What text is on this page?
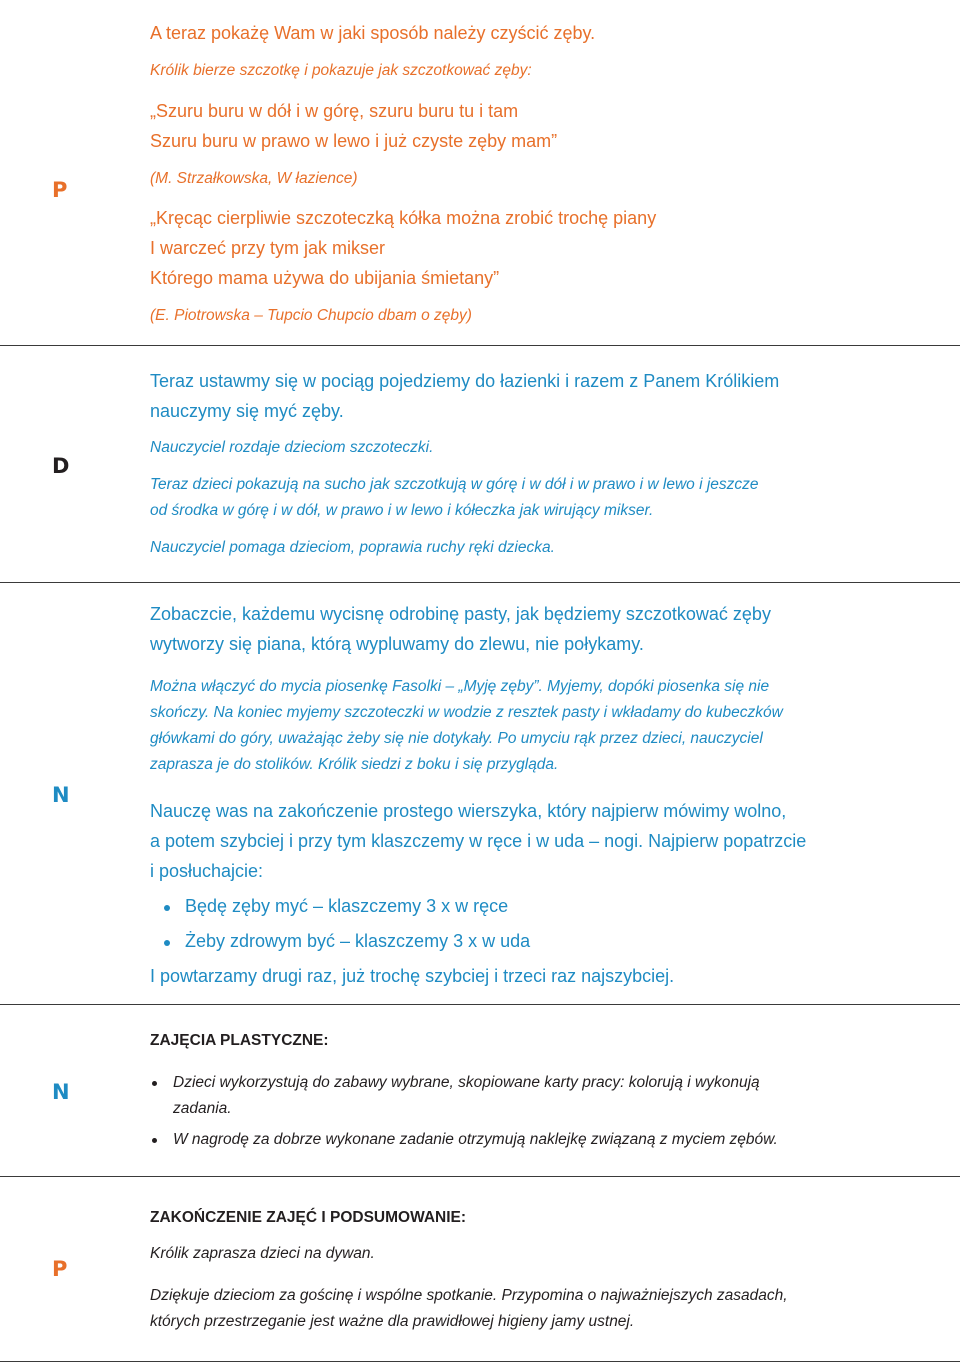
P

A teraz pokażę Wam w jaki sposób należy czyścić zęby.

Królik bierze szczotkę i pokazuje jak szczotkować zęby:

„Szuru buru w dół i w górę, szuru buru tu i tam

Szuru buru w prawo w lewo i już czyste zęby mam”

(M. Strzałkowska, W łazience)

„Kręcąc cierpliwie szczoteczką kółka można zrobić trochę piany

I warczeć przy tym jak mikser

Którego mama używa do ubijania śmietany”

(E. Piotrowska – Tupcio Chupcio dbam o zęby)

D

Teraz ustawmy się w pociąg pojedziemy do łazienki i razem z Panem Królikiem

nauczymy się myć zęby.

Nauczyciel rozdaje dzieciom szczoteczki.

Teraz dzieci pokazują na sucho jak szczotkują w górę i w dół i w prawo i w lewo i jeszcze

od środka w górę i w dół, w prawo i w lewo i kółeczka jak wirujący mikser.

Nauczyciel pomaga dzieciom, poprawia ruchy ręki dziecka.

N

Zobaczcie, każdemu wycisnę odrobinę pasty, jak będziemy szczotkować zęby

wytworzy się piana, którą wypluwamy do zlewu, nie połykamy.

Można włączyć do mycia piosenkę Fasolki – „Myję zęby”. Myjemy, dopóki piosenka się nie

skończy. Na koniec myjemy szczoteczki w wodzie z resztek pasty i wkładamy do kubeczków

główkami do góry, uważając żeby się nie dotykały. Po umyciu rąk przez dzieci, nauczyciel

zaprasza je do stolików. Królik siedzi z boku i się przygląda.

Nauczę was na zakończenie prostego wierszyka, który najpierw mówimy wolno,

a potem szybciej i przy tym klaszczemy w ręce i w uda – nogi. Najpierw popatrzcie

i posłuchajcie:

Będę zęby myć – klaszczemy 3 x w ręce

Żeby zdrowym być – klaszczemy 3 x w uda

I powtarzamy drugi raz, już trochę szybciej i trzeci raz najszybciej.

N

ZAJĘCIA PLASTYCZNE:

Dzieci wykorzystują do zabawy wybrane, skopiowane karty pracy: kolorują i wykonują

zadania.

W nagrodę za dobrze wykonane zadanie otrzymują naklejkę związaną z myciem zębów.

P

ZAKOŃCZENIE ZAJĘĆ I PODSUMOWANIE:

Królik zaprasza dzieci na dywan.

Dziękuje dzieciom za gościnę i wspólne spotkanie. Przypomina o najważniejszych zasadach,

których przestrzeganie jest ważne dla prawidłowej higieny jamy ustnej.
